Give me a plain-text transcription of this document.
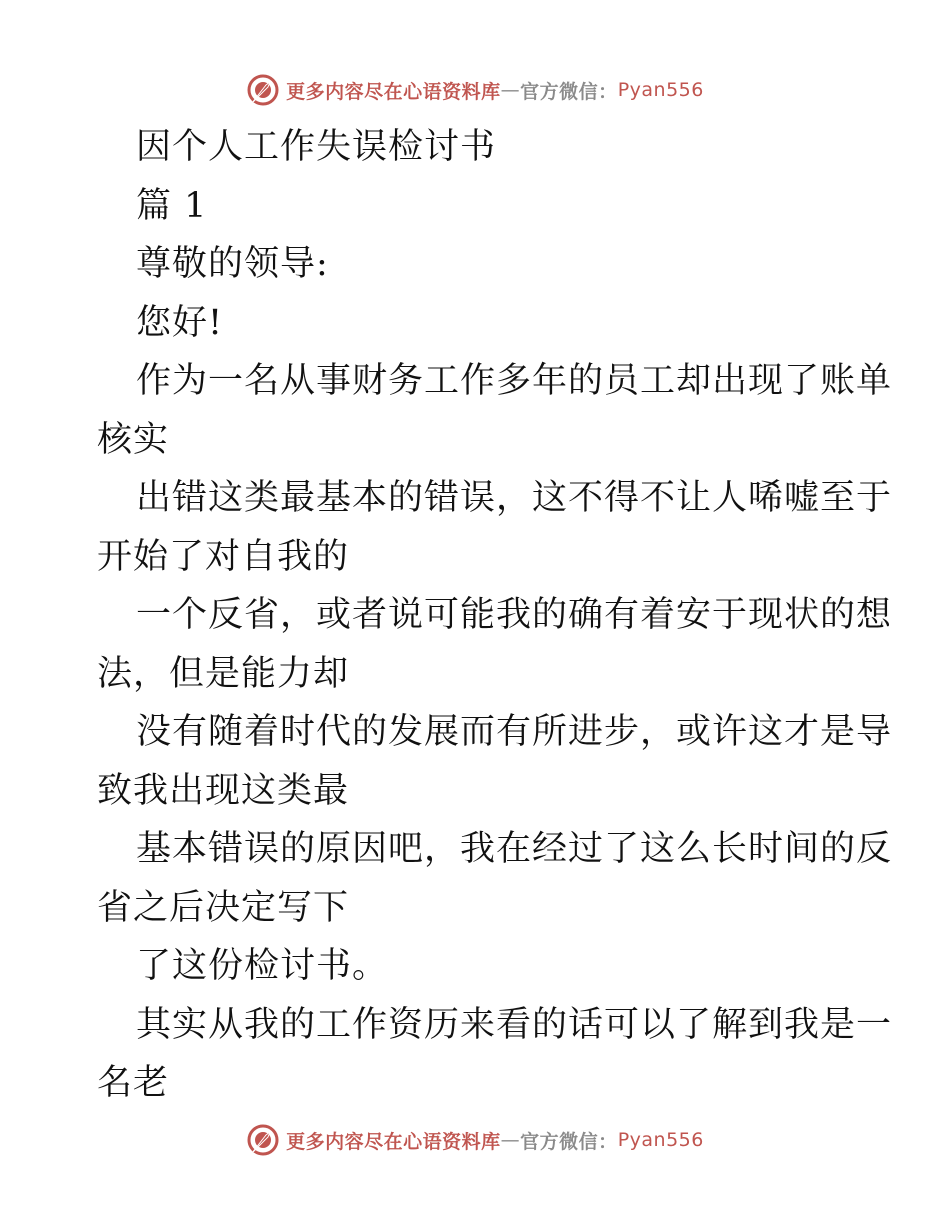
更多内容尽在心语资料库 — 官方微信： Pyan556
因个人工作失误检讨书
篇 1
尊敬的领导:
您好!
作为一名从事财务工作多年的员工却出现了账单
核实
出错这类最基本的错误，这不得不让人唏嘘至于
开始了对自我的
一个反省，或者说可能我的确有着安于现状的想
法，但是能力却
没有随着时代的发展而有所进步，或许这才是导
致我出现这类最
基本错误的原因吧，我在经过了这么长时间的反
省之后决定写下
了这份检讨书。
其实从我的工作资历来看的话可以了解到我是一
名老
更多内容尽在心语资料库 — 官方微信： Pyan556
